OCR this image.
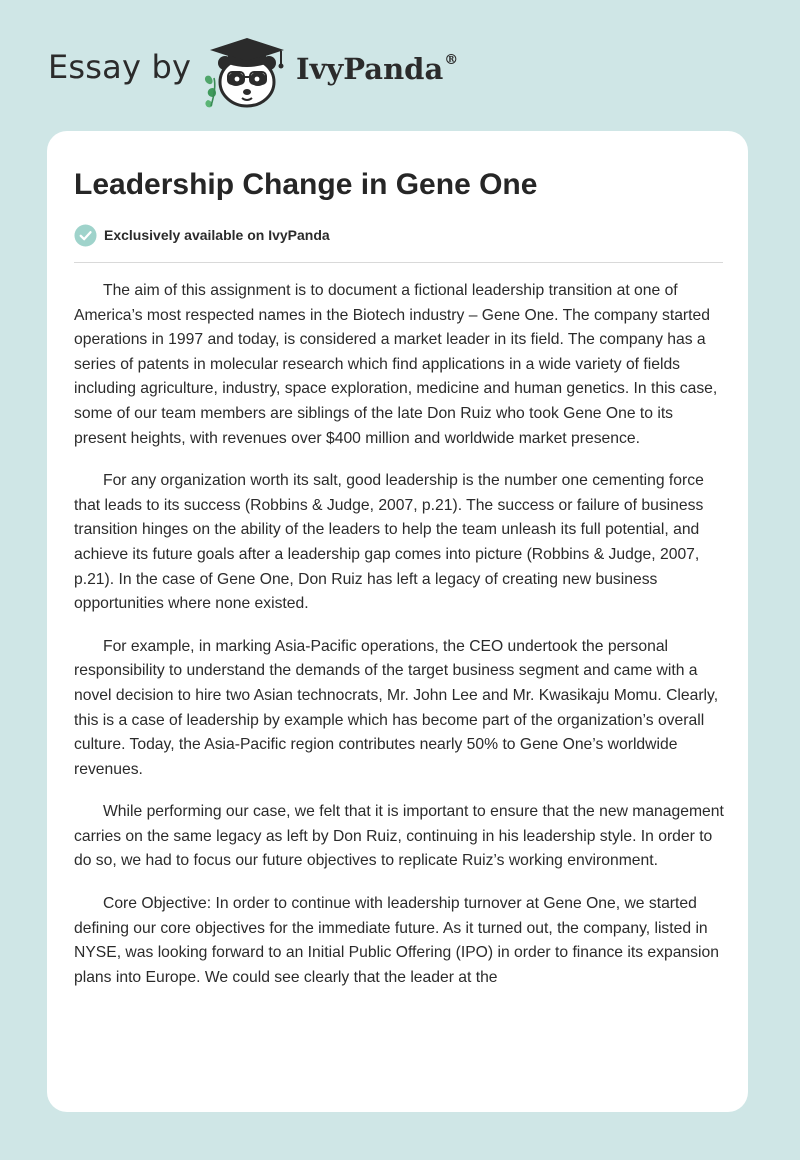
Essay by	IvyPanda®
Leadership Change in Gene One
Exclusively available on IvyPanda

The aim of this assignment is to document a fictional leadership transition at one of America’s most respected names in the Biotech industry – Gene One. The company started operations in 1997 and today, is considered a market leader in its field. The company has a series of patents in molecular research which find applications in a wide variety of fields including agriculture, industry, space exploration, medicine and human genetics. In this case, some of our team members are siblings of the late Don Ruiz who took Gene One to its present heights, with revenues over $400 million and worldwide market presence.

For any organization worth its salt, good leadership is the number one cementing force that leads to its success (Robbins & Judge, 2007, p.21). The success or failure of business transition hinges on the ability of the leaders to help the team unleash its full potential, and achieve its future goals after a leadership gap comes into picture (Robbins & Judge, 2007, p.21). In the case of Gene One, Don Ruiz has left a legacy of creating new business opportunities where none existed.

For example, in marking Asia-Pacific operations, the CEO undertook the personal responsibility to understand the demands of the target business segment and came with a novel decision to hire two Asian technocrats, Mr. John Lee and Mr. Kwasikaju Momu. Clearly, this is a case of leadership by example which has become part of the organization’s overall culture. Today, the Asia-Pacific region contributes nearly 50% to Gene One’s worldwide revenues.

While performing our case, we felt that it is important to ensure that the new management carries on the same legacy as left by Don Ruiz, continuing in his leadership style. In order to do so, we had to focus our future objectives to replicate Ruiz’s working environment.

Core Objective: In order to continue with leadership turnover at Gene One, we started defining our core objectives for the immediate future. As it turned out, the company, listed in NYSE, was looking forward to an Initial Public Offering (IPO) in order to finance its expansion plans into Europe. We could see clearly that the leader at the
